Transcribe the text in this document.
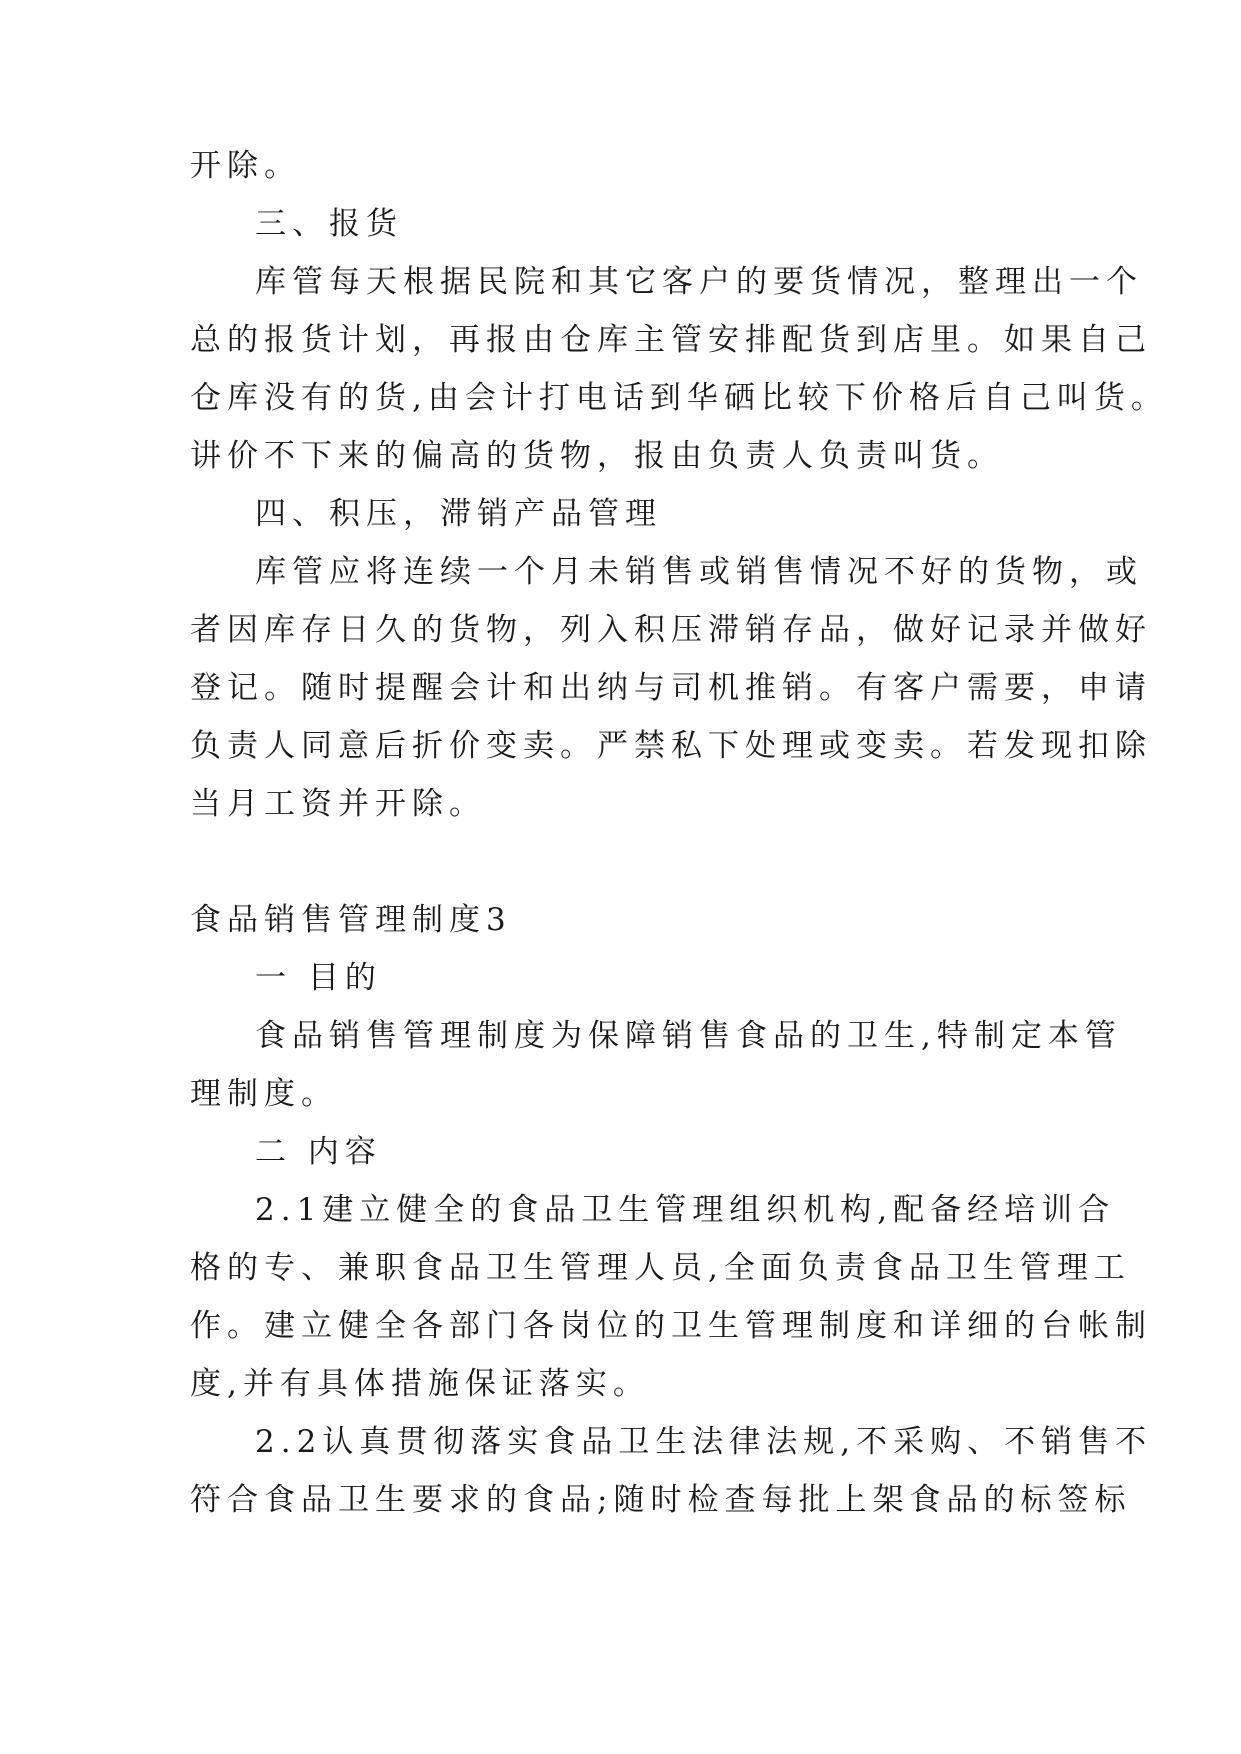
开除。
三、报货
库管每天根据民院和其它客户的要货情况，整理出一个
总的报货计划，再报由仓库主管安排配货到店里。如果自己
仓库没有的货,由会计打电话到华硒比较下价格后自己叫货。
讲价不下来的偏高的货物，报由负责人负责叫货。
四、积压，滞销产品管理
库管应将连续一个月未销售或销售情况不好的货物，或
者因库存日久的货物，列入积压滞销存品，做好记录并做好
登记。随时提醒会计和出纳与司机推销。有客户需要，申请
负责人同意后折价变卖。严禁私下处理或变卖。若发现扣除
当月工资并开除。
食品销售管理制度3
一 目的
食品销售管理制度为保障销售食品的卫生,特制定本管
理制度。
二 内容
2.1建立健全的食品卫生管理组织机构,配备经培训合
格的专、兼职食品卫生管理人员,全面负责食品卫生管理工
作。建立健全各部门各岗位的卫生管理制度和详细的台帐制
度,并有具体措施保证落实。
2.2认真贯彻落实食品卫生法律法规,不采购、不销售不
符合食品卫生要求的食品;随时检查每批上架食品的标签标
